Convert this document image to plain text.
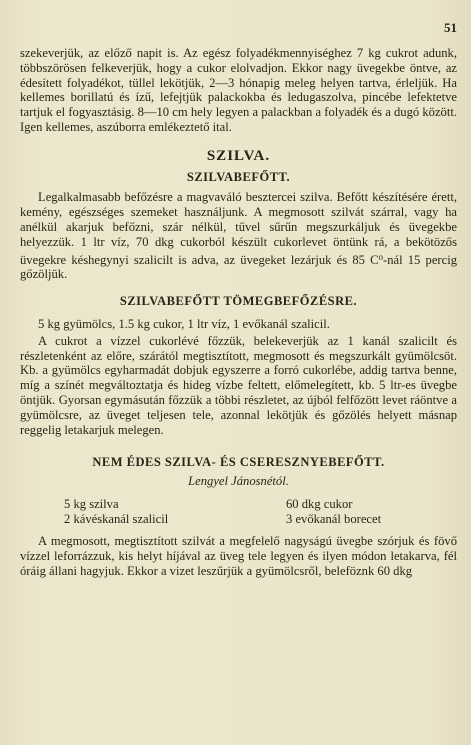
51

szekeverjük, az előző napit is. Az egész folyadékmennyiséghez 7 kg cukrot adunk, többszörösen felkeverjük, hogy a cukor elolvadjon. Ekkor nagy üvegekbe öntve, az édesített folyadékot, tüllel lekötjük, 2—3 hónapig meleg helyen tartva, érleljük. Ha kellemes borillatú és ízű, lefejtjük palackokba és ledugaszolva, pincébe lefektetve tartjuk el fogyasztásig. 8—10 cm hely legyen a palackban a folyadék és a dugó között. Igen kellemes, aszúborra emlékeztető ital.

SZILVA.
SZILVABEFŐTT.

Legalkalmasabb befőzésre a magvaváló besztercei szilva. Befőtt készítésére érett, kemény, egészséges szemeket használjunk. A megmosott szilvát szárral, vagy ha anélkül akarjuk befőzni, szár nélkül, tűvel sűrűn megszurkáljuk és üvegekbe helyezzük. 1 ltr víz, 70 dkg cukorból készült cukorlevet öntünk rá, a bekötözős üvegekre késhegynyi szalicilt is adva, az üvegeket lezárjuk és 85 $C^o$-nál 15 percig gőzöljük.

SZILVABEFŐTT TÖMEGBEFŐZÉSRE.

5 kg gyümölcs, 1.5 kg cukor, 1 ltr víz, 1 evőkanál szalicil.

A cukrot a vízzel cukorlévé főzzük, belekeverjük az 1 kanál szalicilt és részletenként az előre, szárától megtisztított, megmosott és megszurkált gyümölcsöt. Kb. a gyümölcs egyharmadát dobjuk egyszerre a forró cukorlébe, addig tartva benne, míg a színét megváltoztatja és hideg vízbe feltett, előmelegített, kb. 5 ltr-es üvegbe öntjük. Gyorsan egymásután főzzük a többi részletet, az újból felfőzött levet ráöntve a gyümölcsre, az üveget teljesen tele, azonnal lekötjük és gőzölés helyett másnap reggelig letakarjuk melegen.

NEM ÉDES SZILVA- ÉS CSERESZNYEBEFŐTT.
Lengyel Jánosnétól.
5 kg szilva	60 dkg cukor
2 kávéskanál szalicil	3 evőkanál borecet

A megmosott, megtisztított szilvát a megfelelő nagyságú üvegbe szórjuk és fövő vízzel leforrázzuk, kis helyt híjával az üveg tele legyen és ilyen módon letakarva, fél óráig állani hagyjuk. Ekkor a vizet leszűrjük a gyümölcsről, beleföznk 60 dkg
